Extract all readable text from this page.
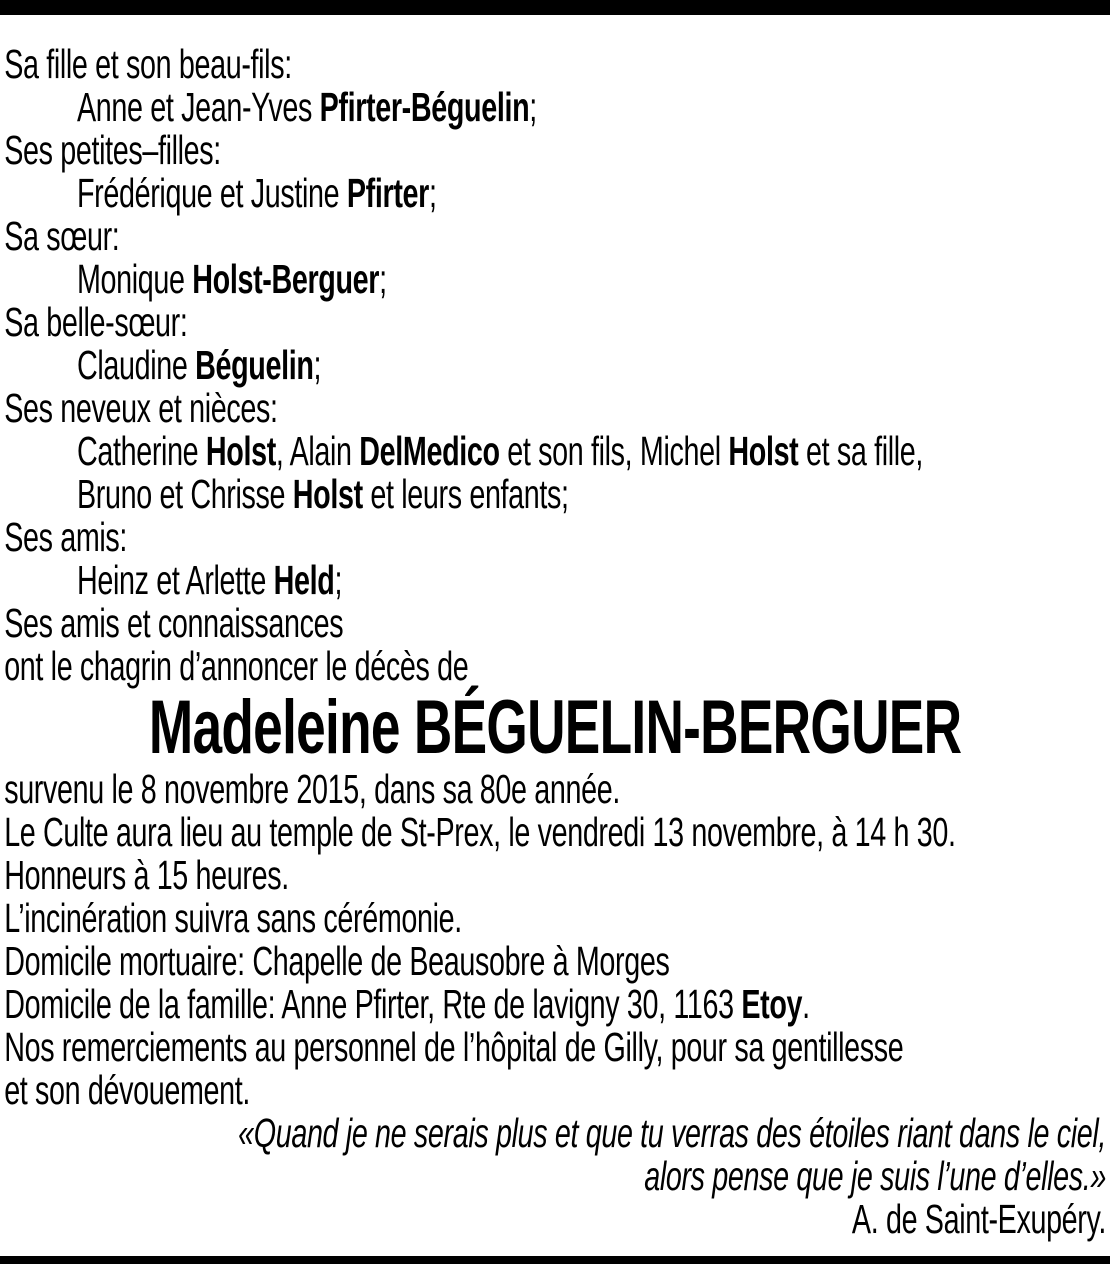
Sa fille et son beau-fils:
Anne et Jean-Yves Pfirter-Béguelin;
Ses petites–filles:
Frédérique et Justine Pfirter;
Sa sœur:
Monique Holst-Berguer;
Sa belle-sœur:
Claudine Béguelin;
Ses neveux et nièces:
Catherine Holst, Alain DelMedico et son fils, Michel Holst et sa fille,
Bruno et Chrisse Holst et leurs enfants;
Ses amis:
Heinz et Arlette Held;
Ses amis et connaissances
ont le chagrin d’annoncer le décès de
Madeleine BÉGUELIN-BERGUER
survenu le 8 novembre 2015, dans sa 80e année.
Le Culte aura lieu au temple de St-Prex, le vendredi 13 novembre, à 14 h 30.
Honneurs à 15 heures.
L’incinération suivra sans cérémonie.
Domicile mortuaire: Chapelle de Beausobre à Morges
Domicile de la famille: Anne Pfirter, Rte de lavigny 30, 1163 Etoy.
Nos remerciements au personnel de l’hôpital de Gilly, pour sa gentillesse
et son dévouement.
«Quand je ne serais plus et que tu verras des étoiles riant dans le ciel,
alors pense que je suis l’une d’elles.»
A. de Saint-Exupéry.
